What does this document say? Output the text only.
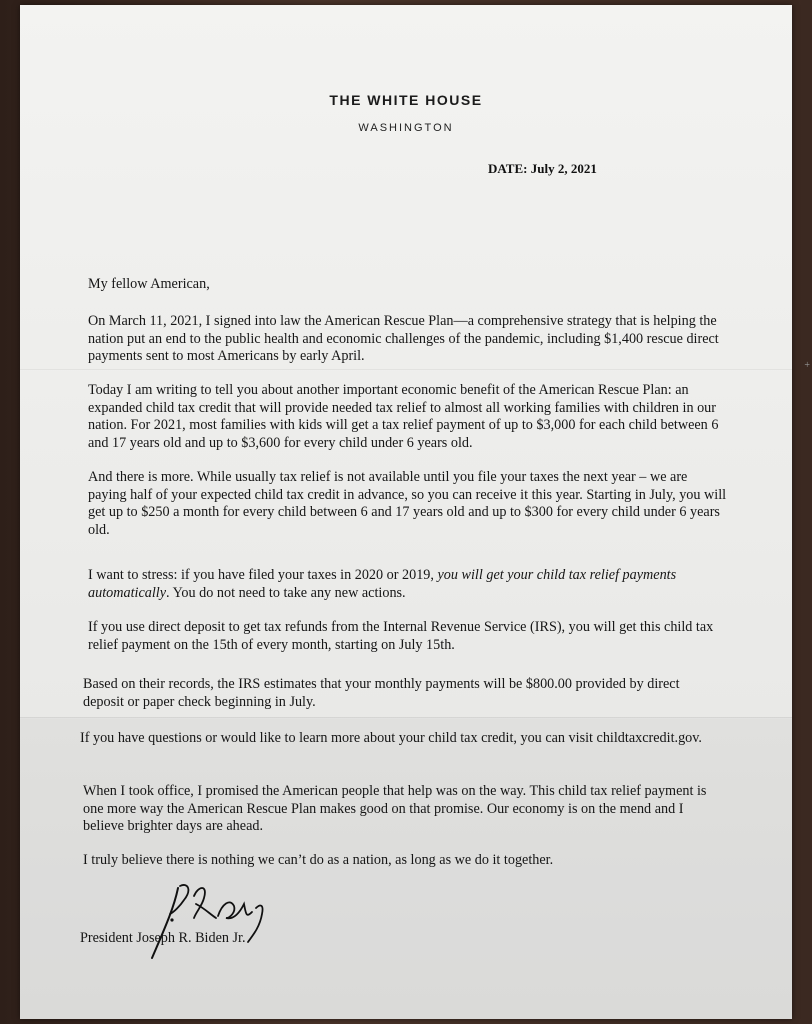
THE WHITE HOUSE
WASHINGTON
DATE: July 2, 2021
My fellow American,
On March 11, 2021, I signed into law the American Rescue Plan—a comprehensive strategy that is helping the nation put an end to the public health and economic challenges of the pandemic, including $1,400 rescue direct payments sent to most Americans by early April.
Today I am writing to tell you about another important economic benefit of the American Rescue Plan: an expanded child tax credit that will provide needed tax relief to almost all working families with children in our nation. For 2021, most families with kids will get a tax relief payment of up to $3,000 for each child between 6 and 17 years old and up to $3,600 for every child under 6 years old.
And there is more. While usually tax relief is not available until you file your taxes the next year – we are paying half of your expected child tax credit in advance, so you can receive it this year. Starting in July, you will get up to $250 a month for every child between 6 and 17 years old and up to $300 for every child under 6 years old.
I want to stress: if you have filed your taxes in 2020 or 2019, you will get your child tax relief payments automatically. You do not need to take any new actions.
If you use direct deposit to get tax refunds from the Internal Revenue Service (IRS), you will get this child tax relief payment on the 15th of every month, starting on July 15th.
Based on their records, the IRS estimates that your monthly payments will be $800.00 provided by direct deposit or paper check beginning in July.
If you have questions or would like to learn more about your child tax credit, you can visit childtaxcredit.gov.
When I took office, I promised the American people that help was on the way. This child tax relief payment is one more way the American Rescue Plan makes good on that promise. Our economy is on the mend and I believe brighter days are ahead.
I truly believe there is nothing we can’t do as a nation, as long as we do it together.
President Joseph R. Biden Jr.
+
